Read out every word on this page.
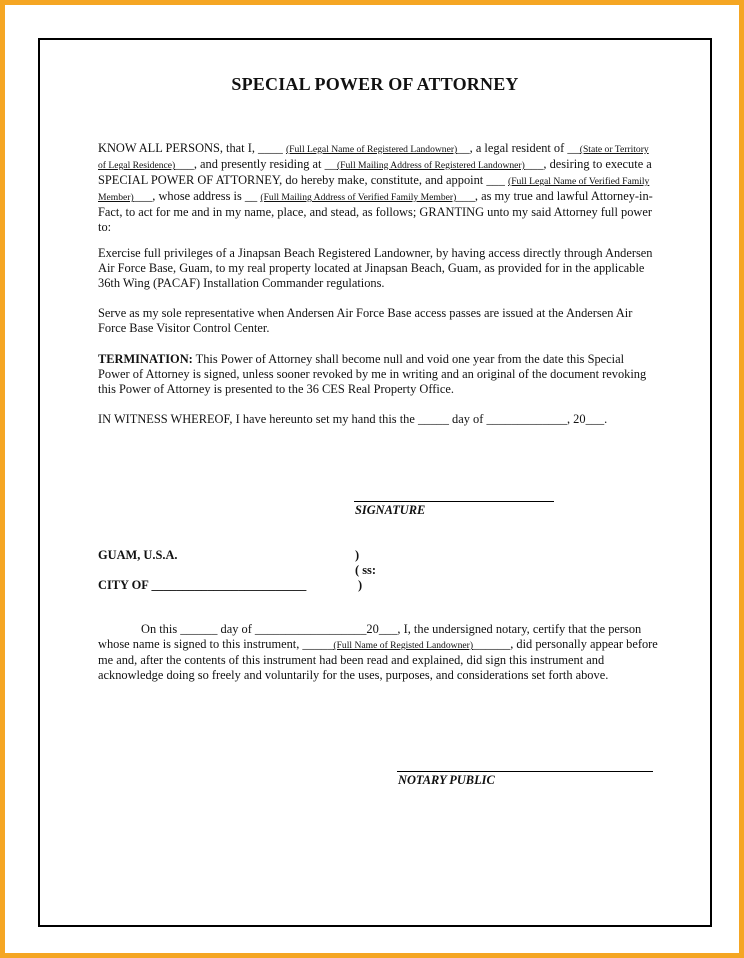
SPECIAL POWER OF ATTORNEY
KNOW ALL PERSONS, that I, ____ (Full Legal Name of Registered Landowner)__, a legal resident of __(State or Territory of Legal Residence)___, and presently residing at __(Full Mailing Address of Registered Landowner)___, desiring to execute a SPECIAL POWER OF ATTORNEY, do hereby make, constitute, and appoint ___ (Full Legal Name of Verified Family Member)___, whose address is __ (Full Mailing Address of Verified Family Member)___, as my true and lawful Attorney-in-Fact, to act for me and in my name, place, and stead, as follows; GRANTING unto my said Attorney full power to:
Exercise full privileges of a Jinapsan Beach Registered Landowner, by having access directly through Andersen Air Force Base, Guam, to my real property located at Jinapsan Beach, Guam, as provided for in the applicable 36th Wing (PACAF) Installation Commander regulations.
Serve as my sole representative when Andersen Air Force Base access passes are issued at the Andersen Air Force Base Visitor Control Center.
TERMINATION: This Power of Attorney shall become null and void one year from the date this Special Power of Attorney is signed, unless sooner revoked by me in writing and an original of the document revoking this Power of Attorney is presented to the 36 CES Real Property Office.
IN WITNESS WHEREOF, I have hereunto set my hand this the _____ day of _____________, 20___.
SIGNATURE
GUAM, U.S.A.
CITY OF _________________________
)
( ss:
)
On this ______ day of __________________20___, I, the undersigned notary, certify that the person whose name is signed to this instrument, _____(Full Name of Registed Landowner)______, did personally appear before me and, after the contents of this instrument had been read and explained, did sign this instrument and acknowledge doing so freely and voluntarily for the uses, purposes, and considerations set forth above.
NOTARY PUBLIC
